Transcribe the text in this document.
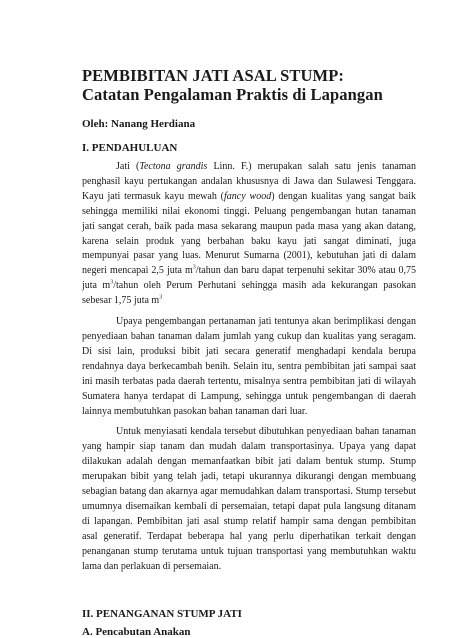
PEMBIBITAN JATI ASAL STUMP:
Catatan Pengalaman Praktis di Lapangan
Oleh: Nanang Herdiana
I. PENDAHULUAN

Jati (Tectona grandis Linn. F.) merupakan salah satu jenis tanaman penghasil kayu pertukangan andalan khususnya di Jawa dan Sulawesi Tenggara. Kayu jati termasuk kayu mewah (fancy wood) dengan kualitas yang sangat baik sehingga memiliki nilai ekonomi tinggi. Peluang pengembangan hutan tanaman jati sangat cerah, baik pada masa sekarang maupun pada masa yang akan datang, karena selain produk yang berbahan baku kayu jati sangat diminati, juga mempunyai pasar yang luas. Menurut Sumarna (2001), kebutuhan jati di dalam negeri mencapai 2,5 juta $m^3$/tahun dan baru dapat terpenuhi sekitar 30% atau 0,75 juta $m^3$/tahun oleh Perum Perhutani sehingga masih ada kekurangan pasokan sebesar 1,75 juta $m^3$

Upaya pengembangan pertanaman jati tentunya akan berimplikasi dengan penyediaan bahan tanaman dalam jumlah yang cukup dan kualitas yang seragam. Di sisi lain, produksi bibit jati secara generatif menghadapi kendala berupa rendahnya daya berkecambah benih. Selain itu, sentra pembibitan jati sampai saat ini masih terbatas pada daerah tertentu, misalnya sentra pembibitan jati di wilayah Sumatera hanya terdapat di Lampung, sehingga untuk pengembangan di daerah lainnya membutuhkan pasokan bahan tanaman dari luar.

Untuk menyiasati kendala tersebut dibutuhkan penyediaan bahan tanaman yang hampir siap tanam dan mudah dalam transportasinya. Upaya yang dapat dilakukan adalah dengan memanfaatkan bibit jati dalam bentuk stump. Stump merupakan bibit yang telah jadi, tetapi ukurannya dikurangi dengan membuang sebagian batang dan akarnya agar memudahkan dalam transportasi. Stump tersebut umumnya disemaikan kembali di persemaian, tetapi dapat pula langsung ditanam di lapangan. Pembibitan jati asal stump relatif hampir sama dengan pembibitan asal generatif. Terdapat beberapa hal yang perlu diperhatikan terkait dengan penanganan stump terutama untuk tujuan transportasi yang membutuhkan waktu lama dan perlakuan di persemaian.

II. PENANGANAN STUMP JATI
A. Pencabutan Anakan
